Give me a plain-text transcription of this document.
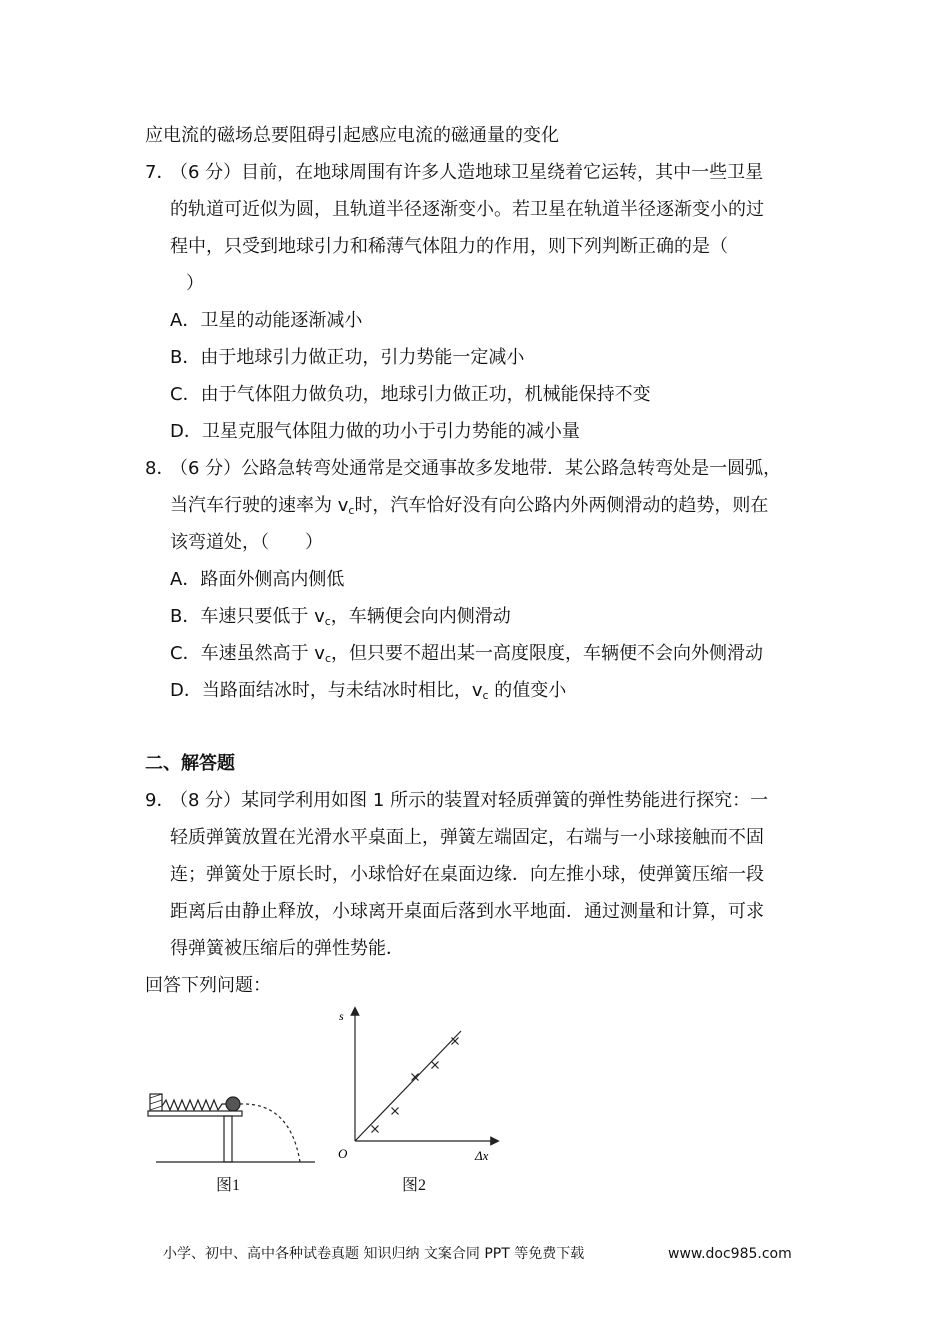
应电流的磁场总要阻碍引起感应电流的磁通量的变化
7．
（6 分）目前，在地球周围有许多人造地球卫星绕着它运转，其中一些卫星
的轨道可近似为圆，且轨道半径逐渐变小。若卫星在轨道半径逐渐变小的过
程中，只受到地球引力和稀薄气体阻力的作用，则下列判断正确的是（
）
A．卫星的动能逐渐减小
B．由于地球引力做正功，引力势能一定减小
C．由于气体阻力做负功，地球引力做正功，机械能保持不变
D．卫星克服气体阻力做的功小于引力势能的减小量
8．
（6 分）公路急转弯处通常是交通事故多发地带．某公路急转弯处是一圆弧，
当汽车行驶的速率为 $v_c$时，汽车恰好没有向公路内外两侧滑动的趋势，则在
该弯道处，（　　）
A．路面外侧高内侧低
B．车速只要低于 $v_c$，车辆便会向内侧滑动
C．车速虽然高于 $v_c$，但只要不超出某一高度限度，车辆便不会向外侧滑动
D．当路面结冰时，与未结冰时相比，$v_c$ 的值变小
二、解答题
9．
（8 分）某同学利用如图 1 所示的装置对轻质弹簧的弹性势能进行探究：一
轻质弹簧放置在光滑水平桌面上，弹簧左端固定，右端与一小球接触而不固
连；弹簧处于原长时，小球恰好在桌面边缘．向左推小球，使弹簧压缩一段
距离后由静止释放，小球离开桌面后落到水平地面．通过测量和计算，可求
得弹簧被压缩后的弹性势能．
回答下列问题：
图1
s
O	Δx
图2
小学、初中、高中各种试卷真题 知识归纳 文案合同 PPT 等免费下载	www.doc985.com
